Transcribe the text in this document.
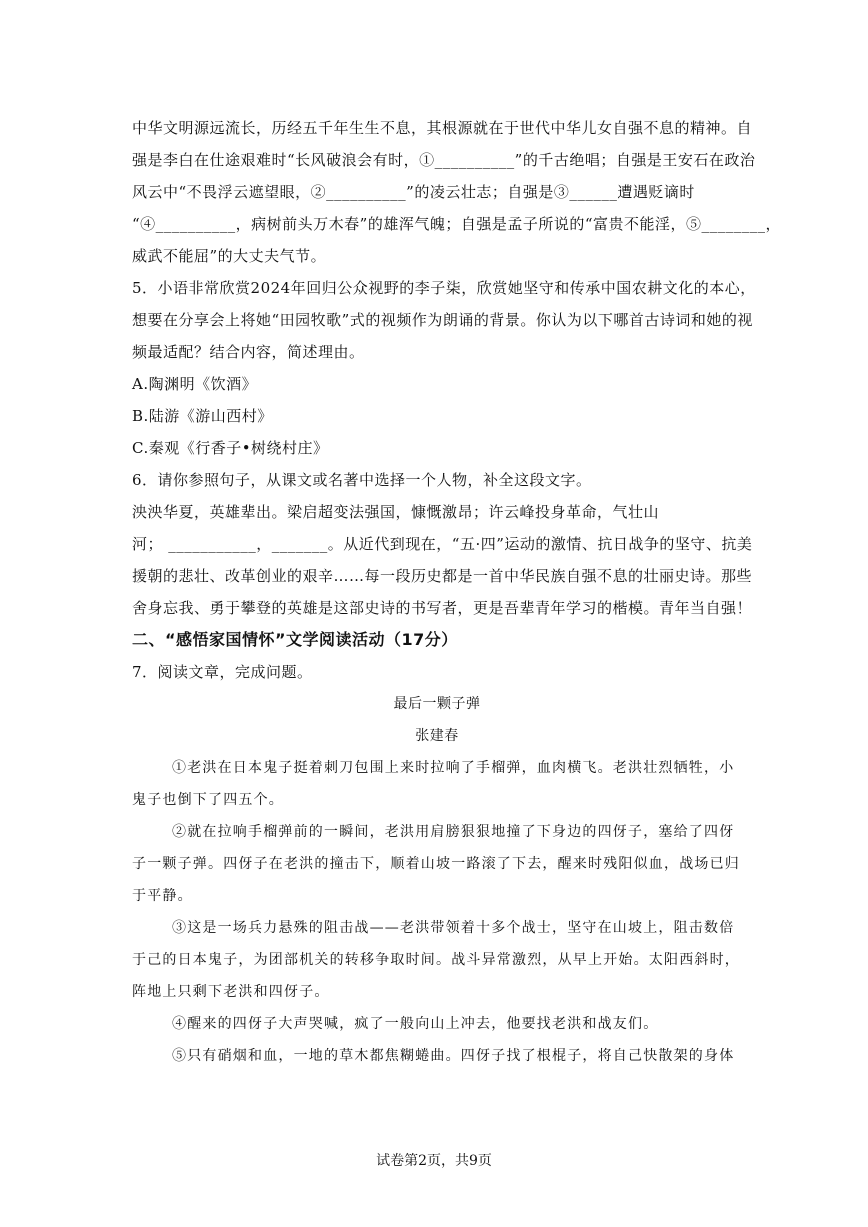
中华文明源远流长，历经五千年生生不息，其根源就在于世代中华儿女自强不息的精神。自
强是李白在仕途艰难时“长风破浪会有时，①__________”的千古绝唱；自强是王安石在政治
风云中“不畏浮云遮望眼，②__________”的凌云壮志；自强是③______遭遇贬谪时
“④__________，病树前头万木春”的雄浑气魄；自强是孟子所说的“富贵不能淫，⑤________，
威武不能屈”的大丈夫气节。
5．小语非常欣赏2024年回归公众视野的李子柒，欣赏她坚守和传承中国农耕文化的本心，
想要在分享会上将她“田园牧歌”式的视频作为朗诵的背景。你认为以下哪首古诗词和她的视
频最适配？结合内容，简述理由。
A.陶渊明《饮酒》
B.陆游《游山西村》
C.秦观《行香子•树绕村庄》
6．请你参照句子，从课文或名著中选择一个人物，补全这段文字。
泱泱华夏，英雄辈出。梁启超变法强国，慷慨激昂；许云峰投身革命，气壮山
河； ___________，_______。从近代到现在，“五·四”运动的激情、抗日战争的坚守、抗美
援朝的悲壮、改革创业的艰辛……每一段历史都是一首中华民族自强不息的壮丽史诗。那些
舍身忘我、勇于攀登的英雄是这部史诗的书写者，更是吾辈青年学习的楷模。青年当自强！
二、“感悟家国情怀”文学阅读活动（17分）
7．阅读文章，完成问题。
最后一颗子弹
张建春
①老洪在日本鬼子挺着刺刀包围上来时拉响了手榴弹，血肉横飞。老洪壮烈牺牲，小
鬼子也倒下了四五个。
②就在拉响手榴弹前的一瞬间，老洪用肩膀狠狠地撞了下身边的四伢子，塞给了四伢
子一颗子弹。四伢子在老洪的撞击下，顺着山坡一路滚了下去，醒来时残阳似血，战场已归
于平静。
③这是一场兵力悬殊的阻击战——老洪带领着十多个战士，坚守在山坡上，阻击数倍
于己的日本鬼子，为团部机关的转移争取时间。战斗异常激烈，从早上开始。太阳西斜时，
阵地上只剩下老洪和四伢子。
④醒来的四伢子大声哭喊，疯了一般向山上冲去，他要找老洪和战友们。
⑤只有硝烟和血，一地的草木都焦糊蜷曲。四伢子找了根棍子，将自己快散架的身体
试卷第2页，共9页
